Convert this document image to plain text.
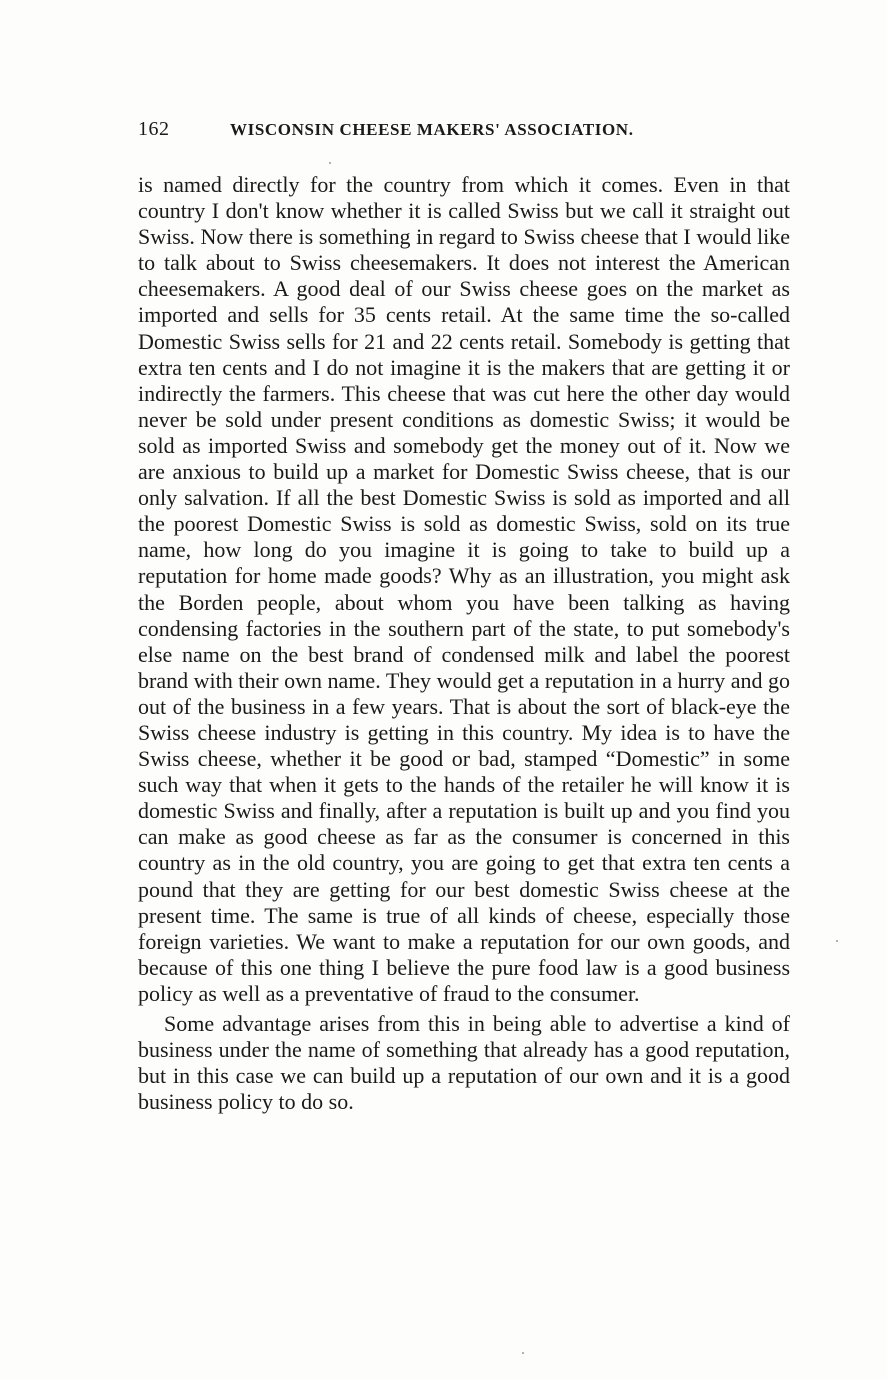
162	WISCONSIN CHEESE MAKERS' ASSOCIATION.

is named directly for the country from which it comes. Even in that country I don't know whether it is called Swiss but we call it straight out Swiss. Now there is something in regard to Swiss cheese that I would like to talk about to Swiss cheesemakers. It does not interest the American cheesemakers. A good deal of our Swiss cheese goes on the market as imported and sells for 35 cents retail. At the same time the so-called Domestic Swiss sells for 21 and 22 cents retail. Somebody is getting that extra ten cents and I do not imagine it is the makers that are getting it or indirectly the farmers. This cheese that was cut here the other day would never be sold under present conditions as domestic Swiss; it would be sold as imported Swiss and somebody get the money out of it. Now we are anxious to build up a market for Domestic Swiss cheese, that is our only salvation. If all the best Domestic Swiss is sold as imported and all the poorest Domestic Swiss is sold as domestic Swiss, sold on its true name, how long do you imagine it is going to take to build up a reputation for home made goods? Why as an illustration, you might ask the Borden people, about whom you have been talking as having condensing factories in the southern part of the state, to put somebody's else name on the best brand of condensed milk and label the poorest brand with their own name. They would get a reputation in a hurry and go out of the business in a few years. That is about the sort of black-eye the Swiss cheese industry is getting in this country. My idea is to have the Swiss cheese, whether it be good or bad, stamped “Domestic” in some such way that when it gets to the hands of the retailer he will know it is domestic Swiss and finally, after a reputation is built up and you find you can make as good cheese as far as the consumer is concerned in this country as in the old country, you are going to get that extra ten cents a pound that they are getting for our best domestic Swiss cheese at the present time. The same is true of all kinds of cheese, especially those foreign varieties. We want to make a reputation for our own goods, and because of this one thing I believe the pure food law is a good business policy as well as a preventative of fraud to the consumer.

Some advantage arises from this in being able to advertise a kind of business under the name of something that already has a good reputation, but in this case we can build up a reputation of our own and it is a good business policy to do so.
